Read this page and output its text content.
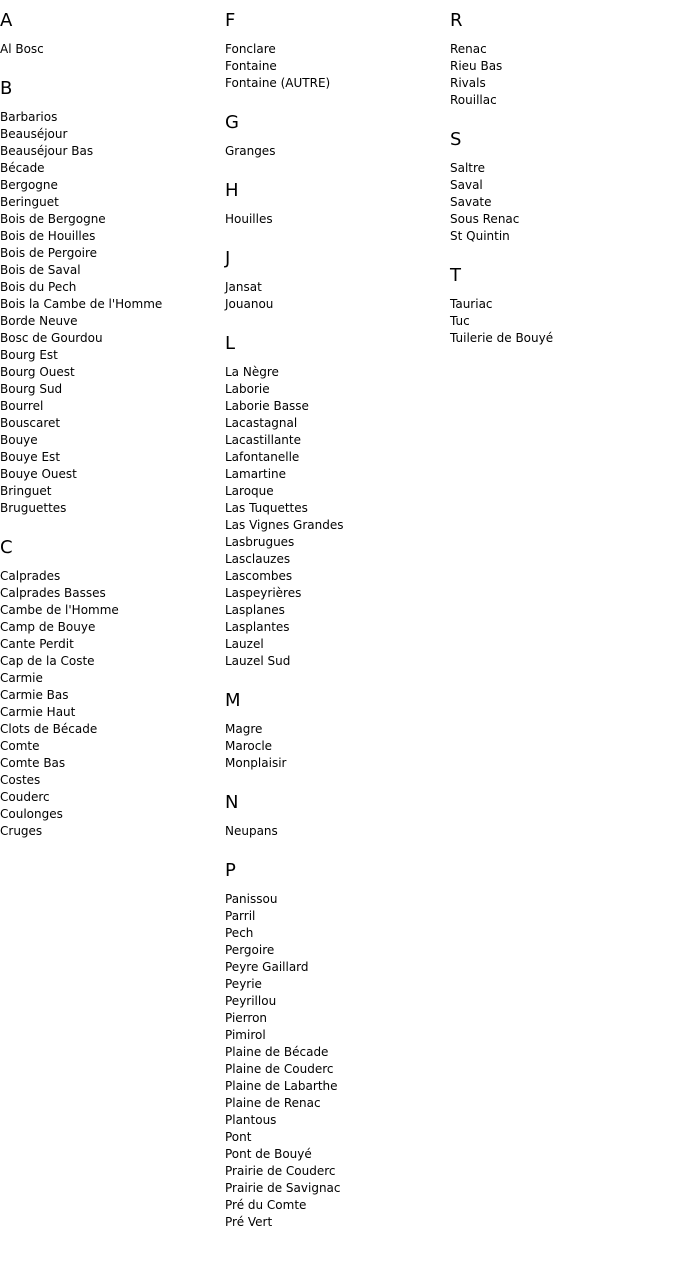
A
Al Bosc
B
Barbarios
Beauséjour
Beauséjour Bas
Bécade
Bergogne
Beringuet
Bois de Bergogne
Bois de Houilles
Bois de Pergoire
Bois de Saval
Bois du Pech
Bois la Cambe de l'Homme
Borde Neuve
Bosc de Gourdou
Bourg Est
Bourg Ouest
Bourg Sud
Bourrel
Bouscaret
Bouye
Bouye Est
Bouye Ouest
Bringuet
Bruguettes
C
Calprades
Calprades Basses
Cambe de l'Homme
Camp de Bouye
Cante Perdit
Cap de la Coste
Carmie
Carmie Bas
Carmie Haut
Clots de Bécade
Comte
Comte Bas
Costes
Couderc
Coulonges
Cruges
F
Fonclare
Fontaine
Fontaine (AUTRE)
G
Granges
H
Houilles
J
Jansat
Jouanou
L
La Nègre
Laborie
Laborie Basse
Lacastagnal
Lacastillante
Lafontanelle
Lamartine
Laroque
Las Tuquettes
Las Vignes Grandes
Lasbrugues
Lasclauzes
Lascombes
Laspeyrières
Lasplanes
Lasplantes
Lauzel
Lauzel Sud
M
Magre
Marocle
Monplaisir
N
Neupans
P
Panissou
Parril
Pech
Pergoire
Peyre Gaillard
Peyrie
Peyrillou
Pierron
Pimirol
Plaine de Bécade
Plaine de Couderc
Plaine de Labarthe
Plaine de Renac
Plantous
Pont
Pont de Bouyé
Prairie de Couderc
Prairie de Savignac
Pré du Comte
Pré Vert
R
Renac
Rieu Bas
Rivals
Rouillac
S
Saltre
Saval
Savate
Sous Renac
St Quintin
T
Tauriac
Tuc
Tuilerie de Bouyé
